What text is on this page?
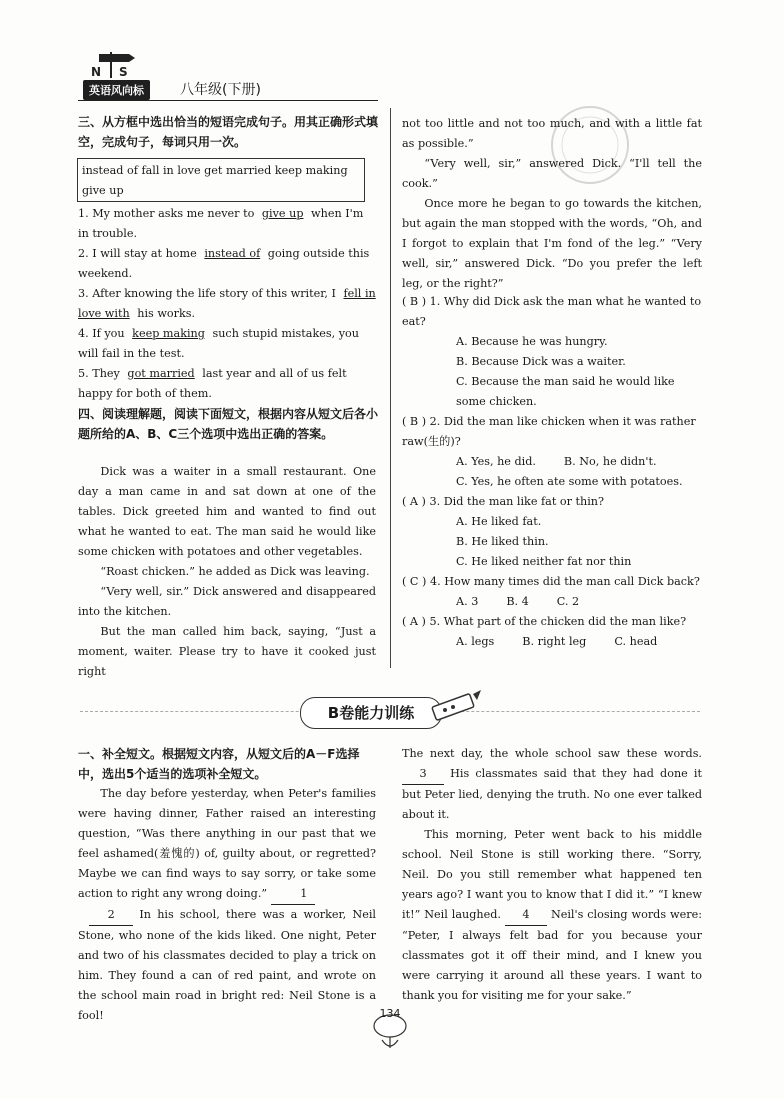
N S
英语风向标	八年级(下册)
三、从方框中选出恰当的短语完成句子。用其正确形式填空，完成句子，每词只用一次。
instead of fall in love get married keep making give up
1. My mother asks me never to give up when I'm in trouble.
2. I will stay at home instead of going outside this weekend.
3. After knowing the life story of this writer, I fell in love with his works.
4. If you keep making such stupid mistakes, you will fail in the test.
5. They got married last year and all of us felt happy for both of them.
四、阅读理解题，阅读下面短文，根据内容从短文后各小题所给的A、B、C三个选项中选出正确的答案。
Dick was a waiter in a small restaurant. One day a man came in and sat down at one of the tables. Dick greeted him and wanted to find out what he wanted to eat. The man said he would like some chicken with potatoes and other vegetables.
“Roast chicken.” he added as Dick was leaving.
“Very well, sir.” Dick answered and disappeared into the kitchen.
But the man called him back, saying, “Just a moment, waiter. Please try to have it cooked just right
not too little and not too much, and with a little fat as possible.”
“Very well, sir,” answered Dick. “I'll tell the cook.”
Once more he began to go towards the kitchen, but again the man stopped with the words, “Oh, and I forgot to explain that I'm fond of the leg.” “Very well, sir,” answered Dick. “Do you prefer the left leg, or the right?”
( B ) 1. Why did Dick ask the man what he wanted to eat?
A. Because he was hungry.
B. Because Dick was a waiter.
C. Because the man said he would like some chicken.
( B ) 2. Did the man like chicken when it was rather raw(生的)?
A. Yes, he did.	B. No, he didn't.
C. Yes, he often ate some with potatoes.
( A ) 3. Did the man like fat or thin?
A. He liked fat.
B. He liked thin.
C. He liked neither fat nor thin
( C ) 4. How many times did the man call Dick back?
A. 3	B. 4	C. 2
( A ) 5. What part of the chicken did the man like?
A. legs	B. right leg	C. head
B卷能力训练
一、补全短文。根据短文内容，从短文后的A－F选择中，选出5个适当的选项补全短文。
The day before yesterday, when Peter's families were having dinner, Father raised an interesting question, “Was there anything in our past that we feel ashamed(羞愧的) of, guilty about, or regretted? Maybe we can find ways to say sorry, or take some action to right any wrong doing.”	1
2 In his school, there was a worker, Neil Stone, who none of the kids liked. One night, Peter and two of his classmates decided to play a trick on him. They found a can of red paint, and wrote on the school main road in bright red: Neil Stone is a fool!
The next day, the whole school saw these words. 3 His classmates said that they had done it but Peter lied, denying the truth. No one ever talked about it.
This morning, Peter went back to his middle school. Neil Stone is still working there. “Sorry, Neil. Do you still remember what happened ten years ago? I want you to know that I did it.” “I knew it!” Neil laughed. 4 Neil's closing words were: “Peter, I always felt bad for you because your classmates got it off their mind, and I knew you were carrying it around all these years. I want to thank you for visiting me for your sake.”
134
